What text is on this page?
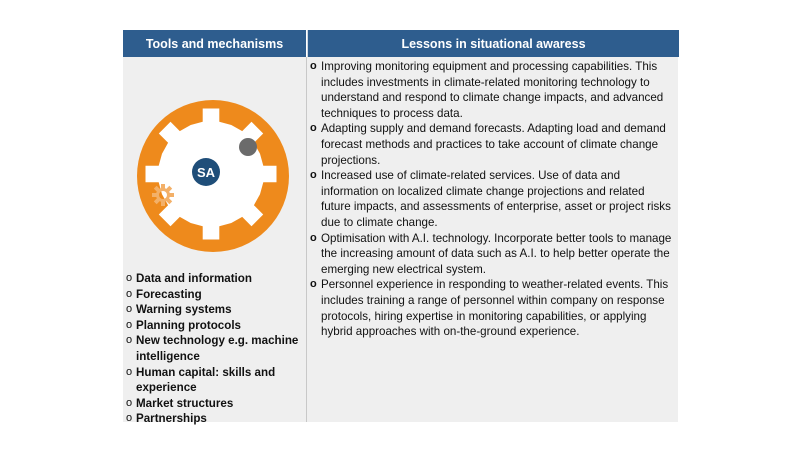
Tools and mechanisms	Lessons in situational awaress
SA
o Data and information
o Forecasting
o Warning systems
o Planning protocols
o New technology e.g. machine intelligence
o Human capital: skills and experience
o Market structures
o Partnerships
o Improving monitoring equipment and processing capabilities. This includes investments in climate-related monitoring technology to understand and respond to climate change impacts, and advanced techniques to process data.
o Adapting supply and demand forecasts. Adapting load and demand forecast methods and practices to take account of climate change projections.
o Increased use of climate-related services. Use of data and information on localized climate change projections and related future impacts, and assessments of enterprise, asset or project risks due to climate change.
o Optimisation with A.I. technology. Incorporate better tools to manage the increasing amount of data such as A.I. to help better operate the emerging new electrical system.
o Personnel experience in responding to weather-related events. This includes training a range of personnel within company on response protocols, hiring expertise in monitoring capabilities, or applying hybrid approaches with on-the-ground experience.
